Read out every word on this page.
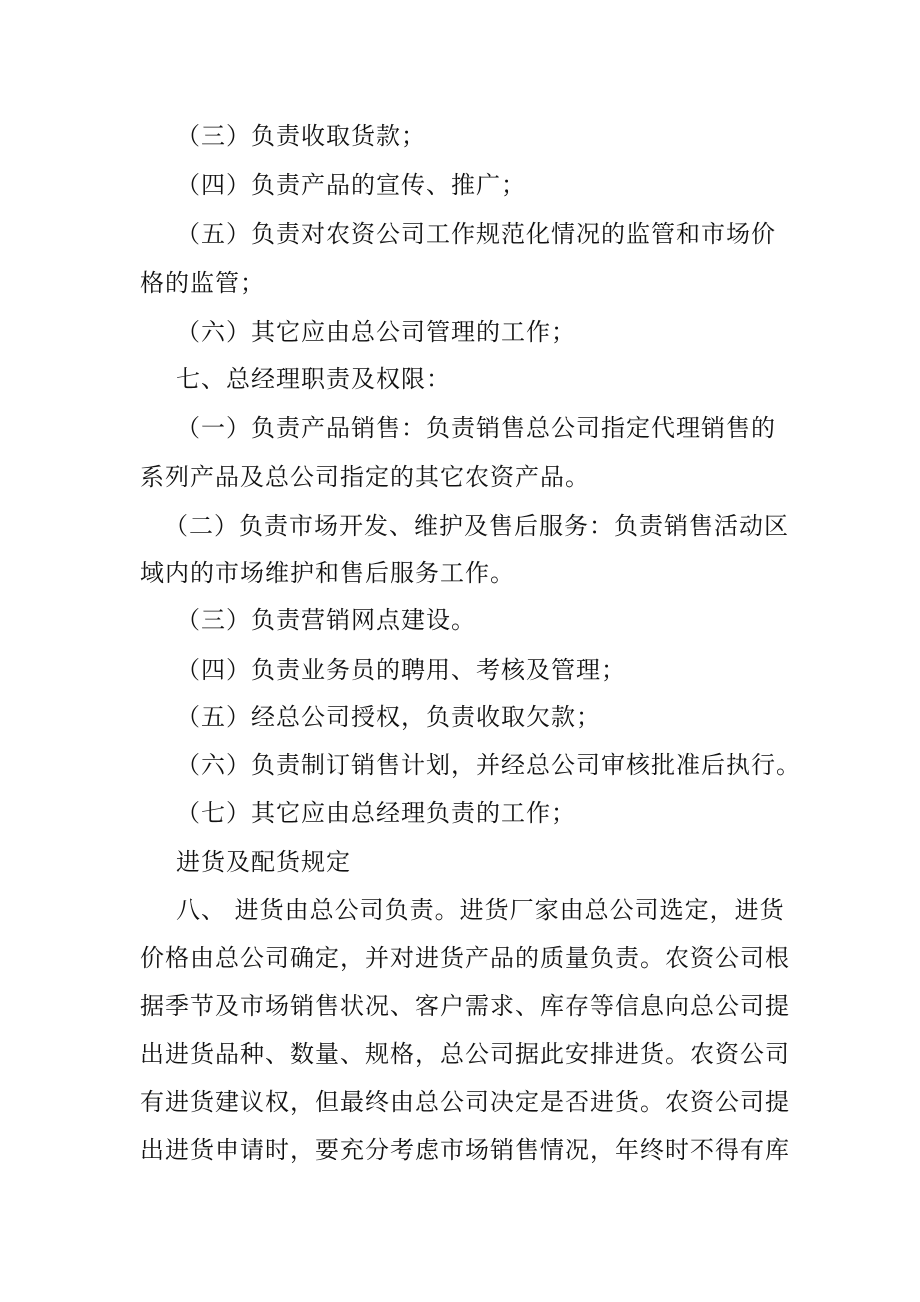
（三）负责收取货款；
（四）负责产品的宣传、推广；
（五）负责对农资公司工作规范化情况的监管和市场价
格的监管；
（六）其它应由总公司管理的工作；
七、总经理职责及权限：
（一）负责产品销售：负责销售总公司指定代理销售的
系列产品及总公司指定的其它农资产品。
（二）负责市场开发、维护及售后服务：负责销售活动区
域内的市场维护和售后服务工作。
（三）负责营销网点建设。
（四）负责业务员的聘用、考核及管理；
（五）经总公司授权，负责收取欠款；
（六）负责制订销售计划，并经总公司审核批准后执行。
（七）其它应由总经理负责的工作；
进货及配货规定
八、 进货由总公司负责。进货厂家由总公司选定，进货
价格由总公司确定，并对进货产品的质量负责。农资公司根
据季节及市场销售状况、客户需求、库存等信息向总公司提
出进货品种、数量、规格，总公司据此安排进货。农资公司
有进货建议权，但最终由总公司决定是否进货。农资公司提
出进货申请时，要充分考虑市场销售情况，年终时不得有库
